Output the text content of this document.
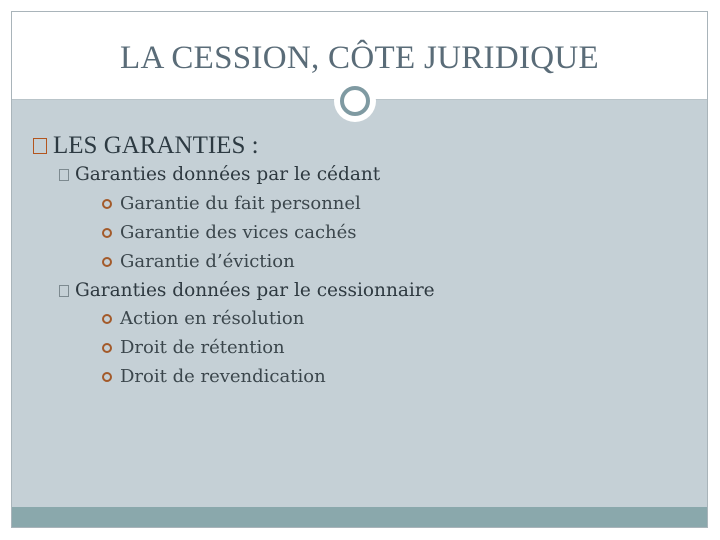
LA CESSION, CÔTE JURIDIQUE
LES GARANTIES :
Garanties données par le cédant
Garantie du fait personnel
Garantie des vices cachés
Garantie d’éviction
Garanties données par le cessionnaire
Action en résolution
Droit de rétention
Droit de revendication
